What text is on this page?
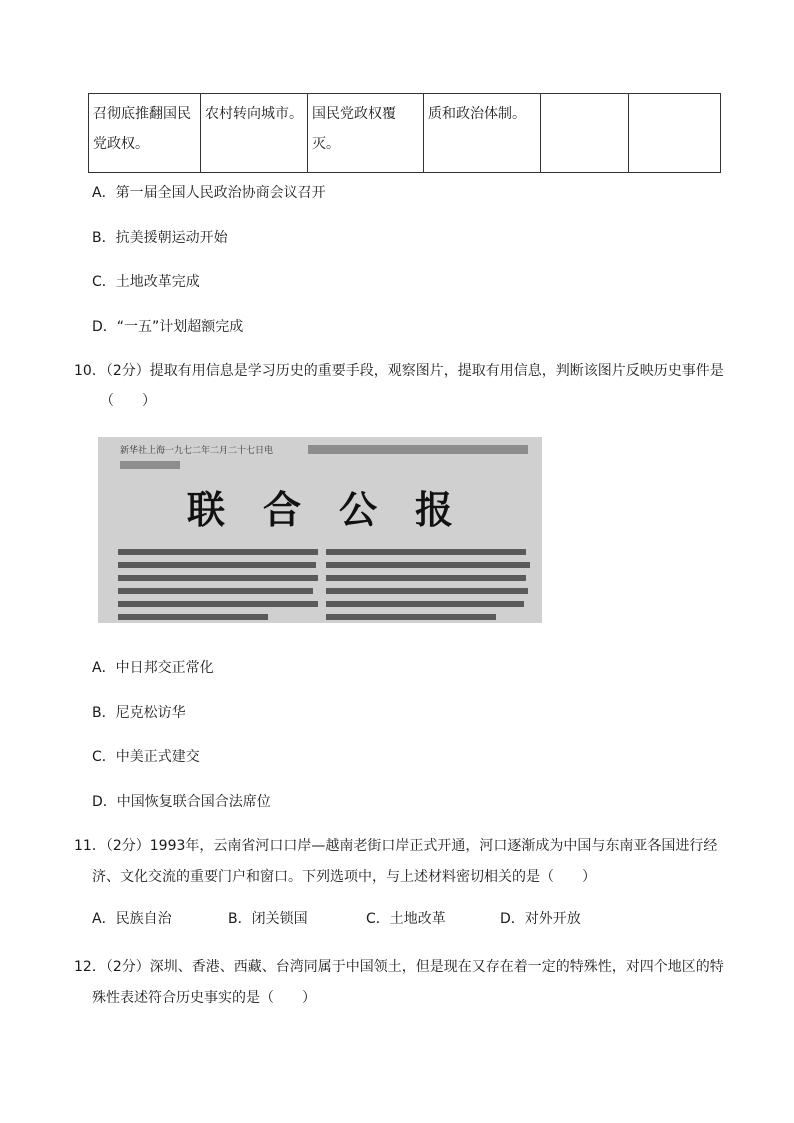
召彻底推翻国民党政权。	农村转向城市。	国民党政权覆灭。	质和政治体制。		
A．第一届全国人民政治协商会议召开
B．抗美援朝运动开始
C．土地改革完成
D．“一五”计划超额完成
10．（2分）提取有用信息是学习历史的重要手段，观察图片，提取有用信息，判断该图片反映历史事件是
（　　）
新华社上海一九七二年二月二十七日电
联　合　公　报
A．中日邦交正常化
B．尼克松访华
C．中美正式建交
D．中国恢复联合国合法席位
11．（2分）1993年，云南省河口口岸—越南老街口岸正式开通，河口逐渐成为中国与东南亚各国进行经
济、文化交流的重要门户和窗口。下列选项中，与上述材料密切相关的是（　　）
A．民族自治	B．闭关锁国	C．土地改革	D．对外开放
12．（2分）深圳、香港、西藏、台湾同属于中国领土，但是现在又存在着一定的特殊性，对四个地区的特
殊性表述符合历史事实的是（　　）
